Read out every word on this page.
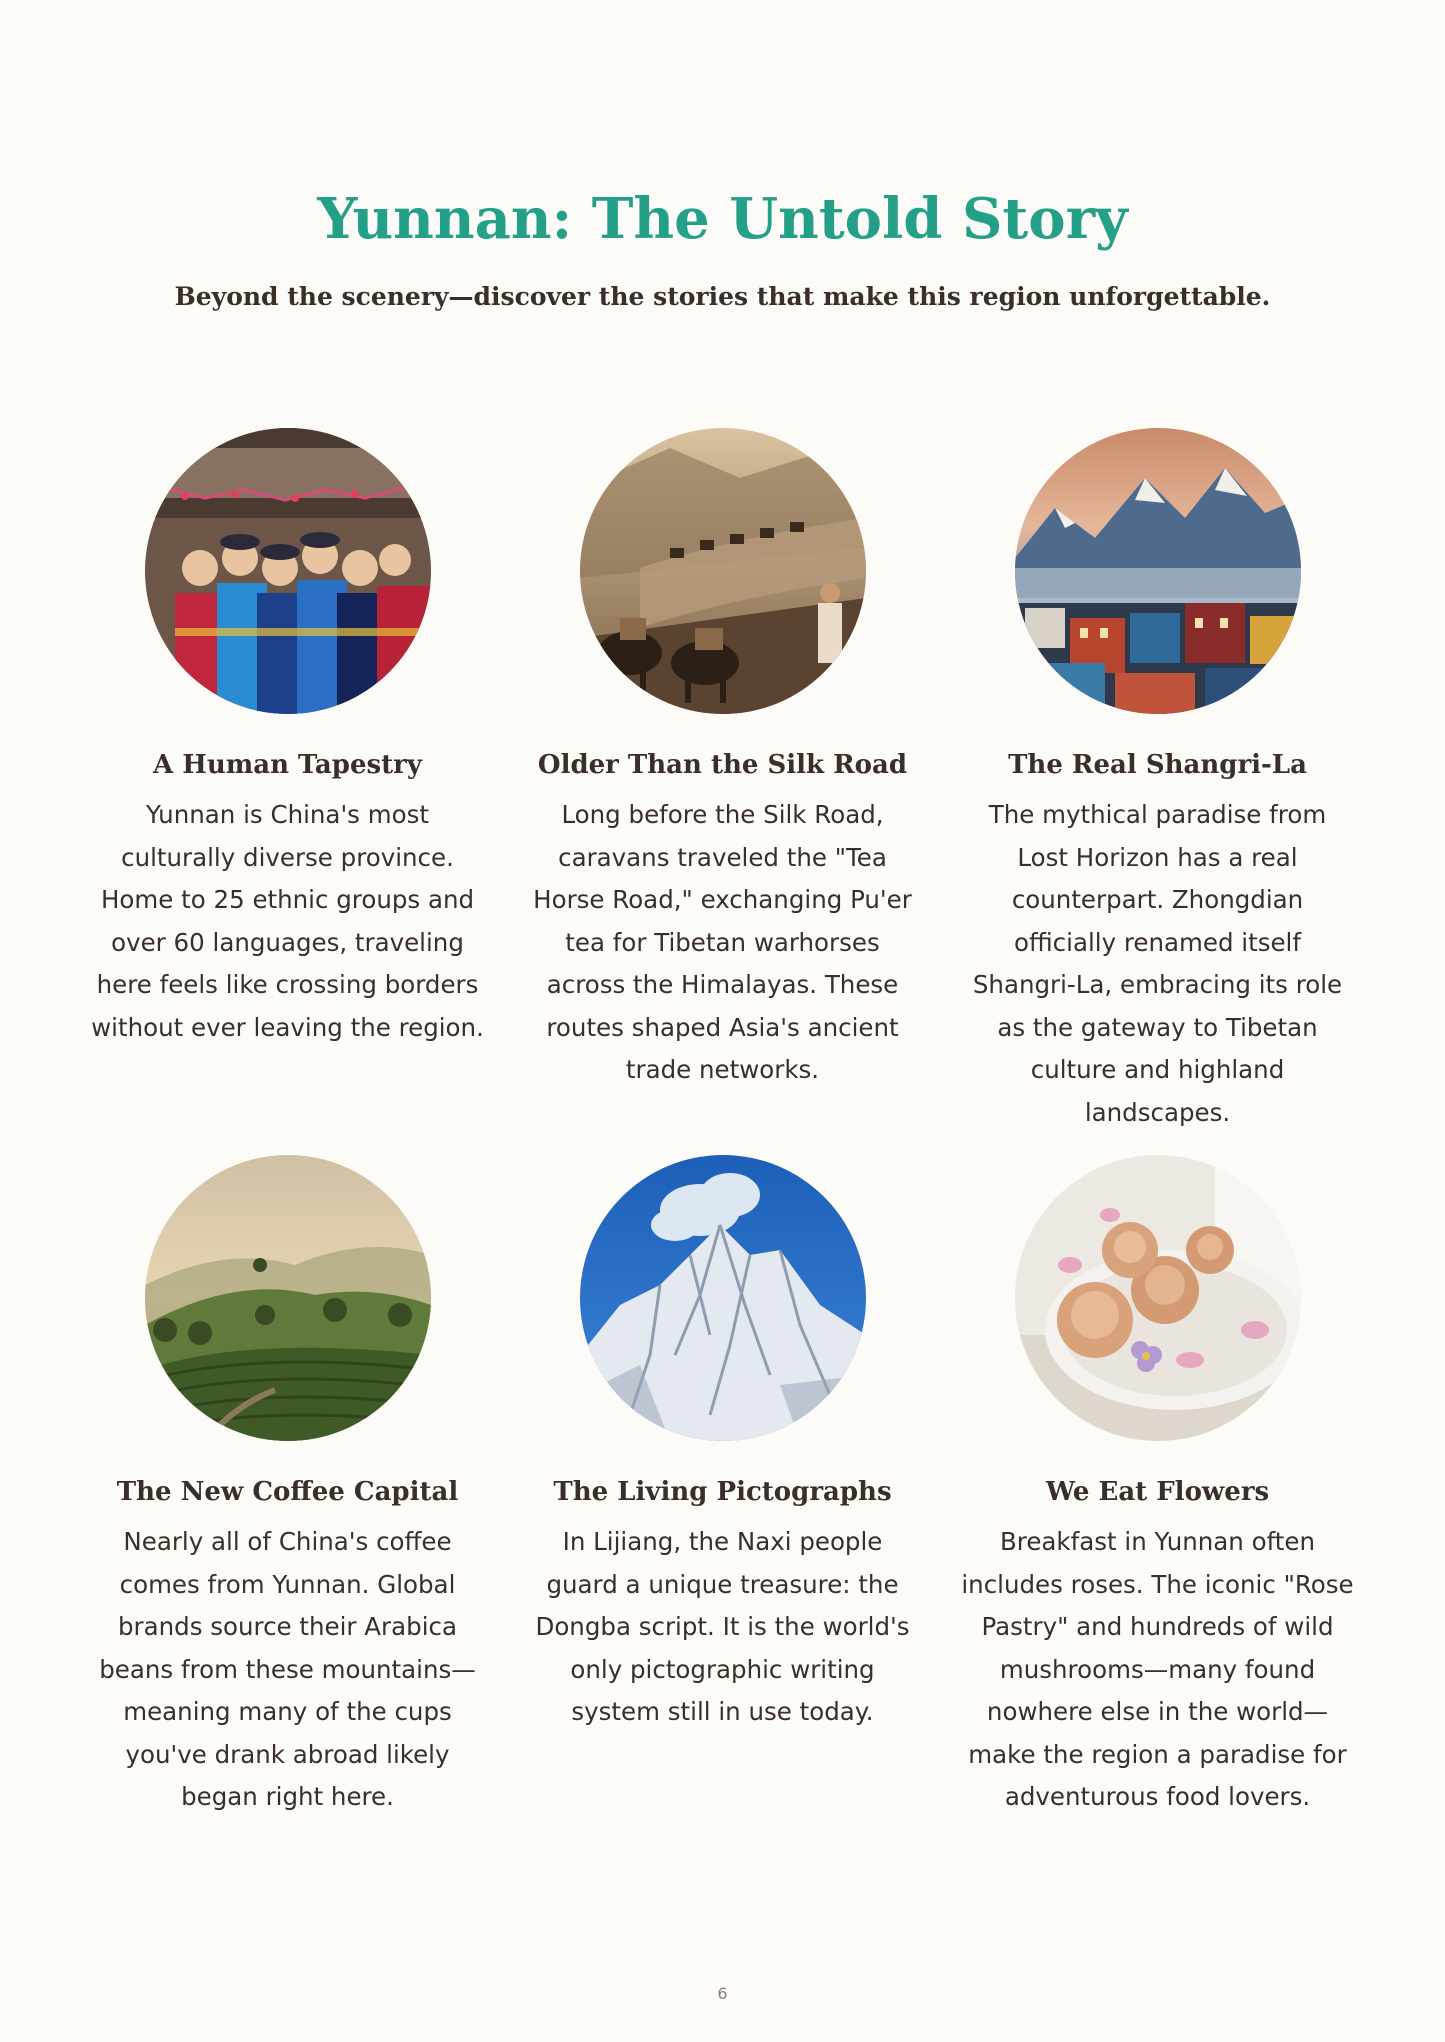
Yunnan: The Untold Story
Beyond the scenery—discover the stories that make this region unforgettable.
A Human Tapestry
Yunnan is China's most culturally diverse province. Home to 25 ethnic groups and over 60 languages, traveling here feels like crossing borders without ever leaving the region.
Older Than the Silk Road
Long before the Silk Road, caravans traveled the "Tea Horse Road," exchanging Pu'er tea for Tibetan warhorses across the Himalayas. These routes shaped Asia's ancient trade networks.
The Real Shangri-La
The mythical paradise from Lost Horizon has a real counterpart. Zhongdian officially renamed itself Shangri-La, embracing its role as the gateway to Tibetan culture and highland landscapes.
The New Coffee Capital
Nearly all of China's coffee comes from Yunnan. Global brands source their Arabica beans from these mountains—meaning many of the cups you've drank abroad likely began right here.
The Living Pictographs
In Lijiang, the Naxi people guard a unique treasure: the Dongba script. It is the world's only pictographic writing system still in use today.
We Eat Flowers
Breakfast in Yunnan often includes roses. The iconic "Rose Pastry" and hundreds of wild mushrooms—many found nowhere else in the world—make the region a paradise for adventurous food lovers.
6
